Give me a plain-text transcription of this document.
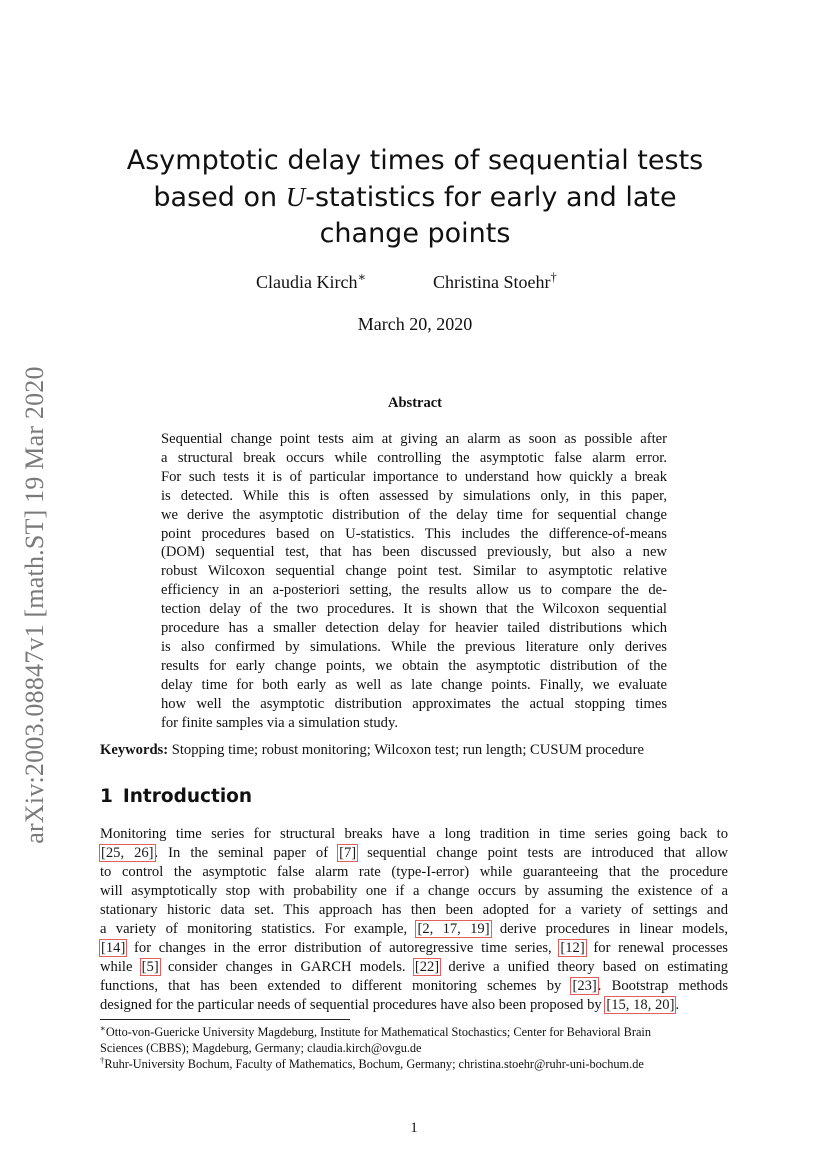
arXiv:2003.08847v1 [math.ST] 19 Mar 2020
Asymptotic delay times of sequential tests
based on U-statistics for early and late
change points
Claudia Kirch∗	Christina Stoehr†
March 20, 2020
Abstract
Sequential change point tests aim at giving an alarm as soon as possible after
a structural break occurs while controlling the asymptotic false alarm error.
For such tests it is of particular importance to understand how quickly a break
is detected. While this is often assessed by simulations only, in this paper,
we derive the asymptotic distribution of the delay time for sequential change
point procedures based on U-statistics. This includes the difference-of-means
(DOM) sequential test, that has been discussed previously, but also a new
robust Wilcoxon sequential change point test. Similar to asymptotic relative
efficiency in an a-posteriori setting, the results allow us to compare the de-
tection delay of the two procedures. It is shown that the Wilcoxon sequential
procedure has a smaller detection delay for heavier tailed distributions which
is also confirmed by simulations. While the previous literature only derives
results for early change points, we obtain the asymptotic distribution of the
delay time for both early as well as late change points. Finally, we evaluate
how well the asymptotic distribution approximates the actual stopping times
for finite samples via a simulation study.
Keywords: Stopping time; robust monitoring; Wilcoxon test; run length; CUSUM procedure
1 Introduction
Monitoring time series for structural breaks have a long tradition in time series going back to
[25, 26]. In the seminal paper of [7] sequential change point tests are introduced that allow
to control the asymptotic false alarm rate (type-I-error) while guaranteeing that the procedure
will asymptotically stop with probability one if a change occurs by assuming the existence of a
stationary historic data set. This approach has then been adopted for a variety of settings and
a variety of monitoring statistics. For example, [2, 17, 19] derive procedures in linear models,
[14] for changes in the error distribution of autoregressive time series, [12] for renewal processes
while [5] consider changes in GARCH models. [22] derive a unified theory based on estimating
functions, that has been extended to different monitoring schemes by [23]. Bootstrap methods
designed for the particular needs of sequential procedures have also been proposed by [15, 18, 20].
∗Otto-von-Guericke University Magdeburg, Institute for Mathematical Stochastics; Center for Behavioral Brain
Sciences (CBBS); Magdeburg, Germany; claudia.kirch@ovgu.de
†Ruhr-University Bochum, Faculty of Mathematics, Bochum, Germany; christina.stoehr@ruhr-uni-bochum.de
1
